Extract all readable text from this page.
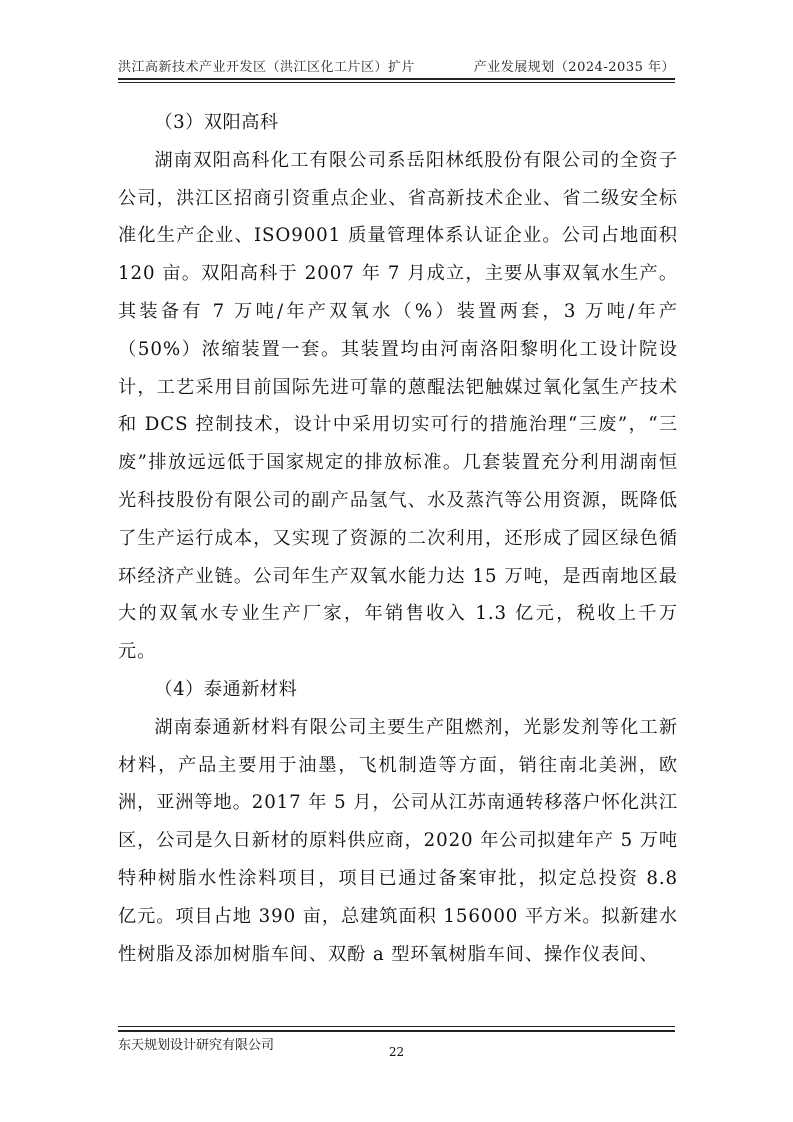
洪江高新技术产业开发区（洪江区化工片区）扩片	产业发展规划（2024-2035 年）

（3）双阳高科

湖南双阳高科化工有限公司系岳阳林纸股份有限公司的全资子公司，洪江区招商引资重点企业、省高新技术企业、省二级安全标准化生产企业、ISO9001 质量管理体系认证企业。公司占地面积 120 亩。双阳高科于 2007 年 7 月成立，主要从事双氧水生产。其装备有 7 万吨/年产双氧水（%）装置两套，3 万吨/年产（50%）浓缩装置一套。其装置均由河南洛阳黎明化工设计院设计，工艺采用目前国际先进可靠的蒽醌法钯触媒过氧化氢生产技术和 DCS 控制技术，设计中采用切实可行的措施治理“三废”，“三废”排放远远低于国家规定的排放标准。几套装置充分利用湖南恒光科技股份有限公司的副产品氢气、水及蒸汽等公用资源，既降低了生产运行成本，又实现了资源的二次利用，还形成了园区绿色循环经济产业链。公司年生产双氧水能力达 15 万吨，是西南地区最大的双氧水专业生产厂家，年销售收入 1.3 亿元，税收上千万元。

（4）泰通新材料

湖南泰通新材料有限公司主要生产阻燃剂，光影发剂等化工新材料，产品主要用于油墨，飞机制造等方面，销往南北美洲，欧洲，亚洲等地。2017 年 5 月，公司从江苏南通转移落户怀化洪江区，公司是久日新材的原料供应商，2020 年公司拟建年产 5 万吨特种树脂水性涂料项目，项目已通过备案审批，拟定总投资 8.8 亿元。项目占地 390 亩，总建筑面积 156000 平方米。拟新建水性树脂及添加树脂车间、双酚 a 型环氧树脂车间、操作仪表间、

东天规划设计研究有限公司	22
